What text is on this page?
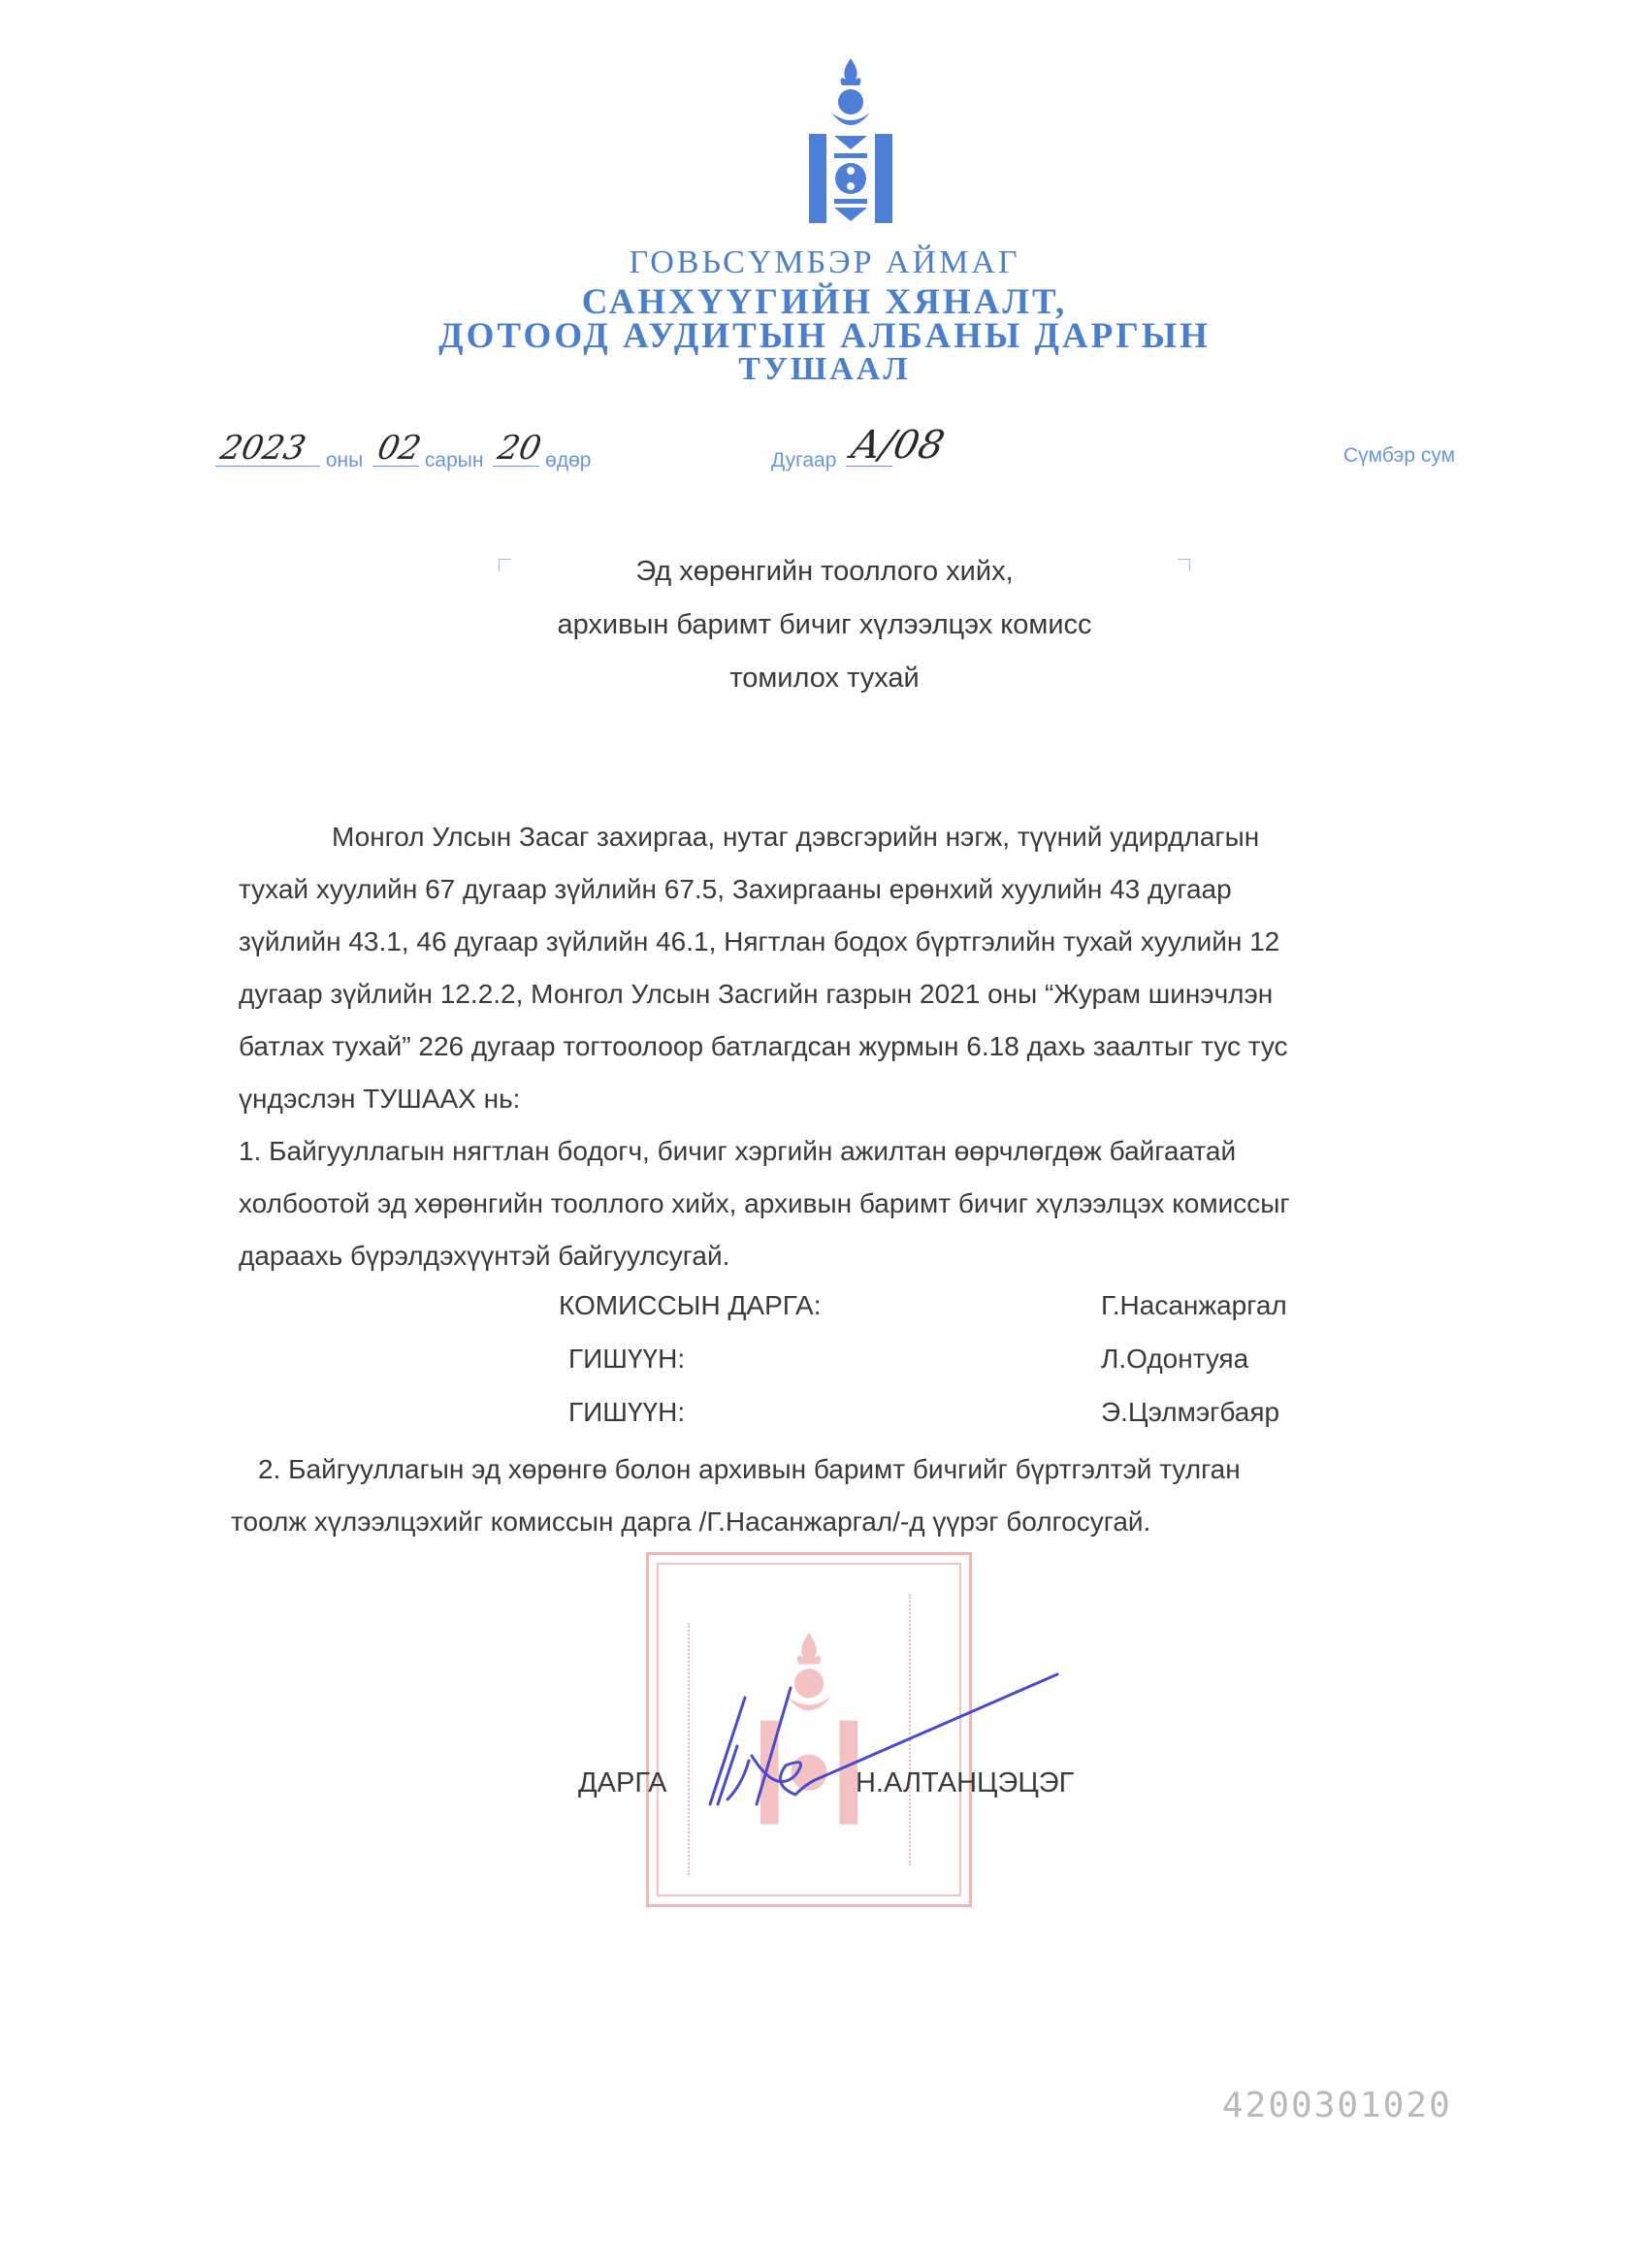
ГОВЬСҮМБЭР АЙМАГ
САНХҮҮГИЙН ХЯНАЛТ,
ДОТООД АУДИТЫН АЛБАНЫ ДАРГЫН
ТУШААЛ
2023 оны 02 сарын 20 өдөр	Дугаар А/08	Сүмбэр сум
Эд хөрөнгийн тооллого хийх,
архивын баримт бичиг хүлээлцэх комисс
томилох тухай

Монгол Улсын Засаг захиргаа, нутаг дэвсгэрийн нэгж, түүний удирдлагын

тухай хуулийн 67 дугаар зүйлийн 67.5, Захиргааны ерөнхий хуулийн 43 дугаар

зүйлийн 43.1, 46 дугаар зүйлийн 46.1, Нягтлан бодох бүртгэлийн тухай хуулийн 12

дугаар зүйлийн 12.2.2, Монгол Улсын Засгийн газрын 2021 оны “Журам шинэчлэн

батлах тухай” 226 дугаар тогтоолоор батлагдсан журмын 6.18 дахь заалтыг тус тус

үндэслэн ТУШААХ нь:

1. Байгууллагын нягтлан бодогч, бичиг хэргийн ажилтан өөрчлөгдөж байгаатай

холбоотой эд хөрөнгийн тооллого хийх, архивын баримт бичиг хүлээлцэх комиссыг

дараахь бүрэлдэхүүнтэй байгуулсугай.

КОМИССЫН ДАРГА:	Г.Насанжаргал
ГИШҮҮН:	Л.Одонтуяа
ГИШҮҮН:	Э.Цэлмэгбаяр

2. Байгууллагын эд хөрөнгө болон архивын баримт бичгийг бүртгэлтэй тулган

тоолж хүлээлцэхийг комиссын дарга /Г.Насанжаргал/-д үүрэг болгосугай.

ДАРГА	Н.АЛТАНЦЭЦЭГ
4200301020
